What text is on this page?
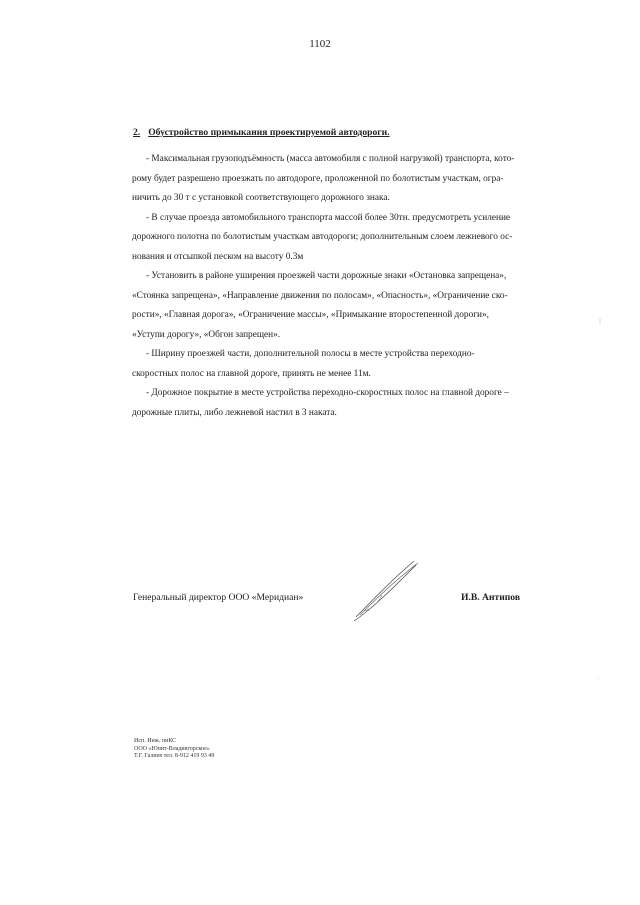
1102
2. Обустройство примыкания проектируемой автодороги.

- Максимальная грузоподъёмность (масса автомобиля с полной нагрузкой) транспорта, кото-
рому будет разрешено проезжать по автодороге, проложенной по болотистым участкам, огра-
ничить до 30 т с установкой соответствующего дорожного знака.

- В случае проезда автомобильного транспорта массой более 30тн. предусмотреть усиление
дорожного полотна по болотистым участкам автодороги; дополнительным слоем лежневого ос-
нования и отсыпкой песком на высоту 0.3м

- Установить в районе уширения проезжей части дорожные знаки «Остановка запрещена»,
«Стоянка запрещена», «Направление движения по полосам», «Опасность», «Ограничение ско-
рости», «Главная дорога», «Ограничение массы», «Примыкание второстепенной дороги»,
«Уступи дорогу», «Обгон запрещен».

- Ширину проезжей части, дополнительной полосы в месте устройства переходно-
скоростных полос на главной дороге, принять не менее 11м.

- Дорожное покрытие в месте устройства переходно-скоростных полос на главной дороге –
дорожные плиты, либо лежневой настил в 3 наката.

⋮
·
Генеральный директор ООО «Меридиан»	И.В. Антипов
Исп. Инж. пиКС
ООО «Юпит-Владивгорское»
Т.Г. Галиев тел. 8-912 419 93 49
